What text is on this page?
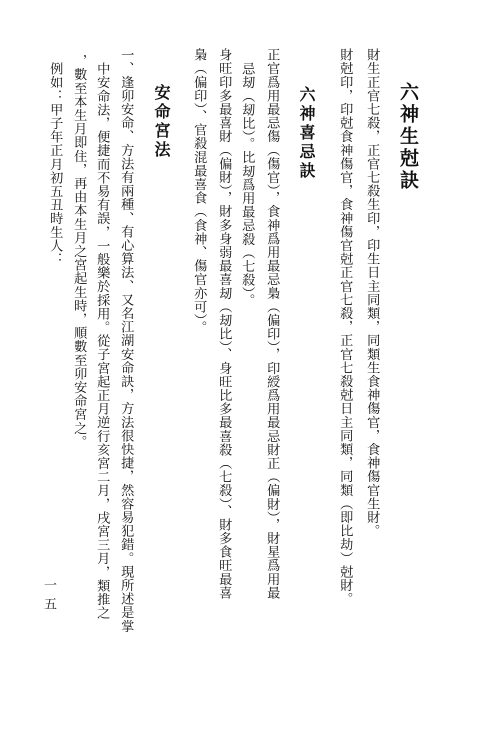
六神生尅訣
財生正官七殺，正官七殺生印，印生日主同類，同類生食神傷官，食神傷官生財。
財尅印，印尅食神傷官，食神傷官尅正官七殺，正官七殺尅日主同類，同類（即比劫）尅財。
六神喜忌訣
正官爲用最忌傷（傷官），食神爲用最忌梟（偏印），印綬爲用最忌財正（偏財），財星爲用最
忌刼（刼比）。比刼爲用最忌殺（七殺）。
身旺印多最喜財（偏財），財多身弱最喜刼（刼比）、身旺比多最喜殺（七殺）、財多食旺最喜
梟（偏印）、官殺混最喜食（食神、傷官亦可）。
安命宮法
一、逢卯安命、方法有兩種、有心算法、又名江湖安命訣，方法很快捷，然容易犯錯。現所述是掌
中安命法，便捷而不易有誤，一般樂於採用。從子宮起正月逆行亥宮二月，戌宮三月，類推之
，數至本生月即住，再由本生月之宮起生時，順數至卯安命宮之。
例如：甲子年正月初五丑時生人：
一五
